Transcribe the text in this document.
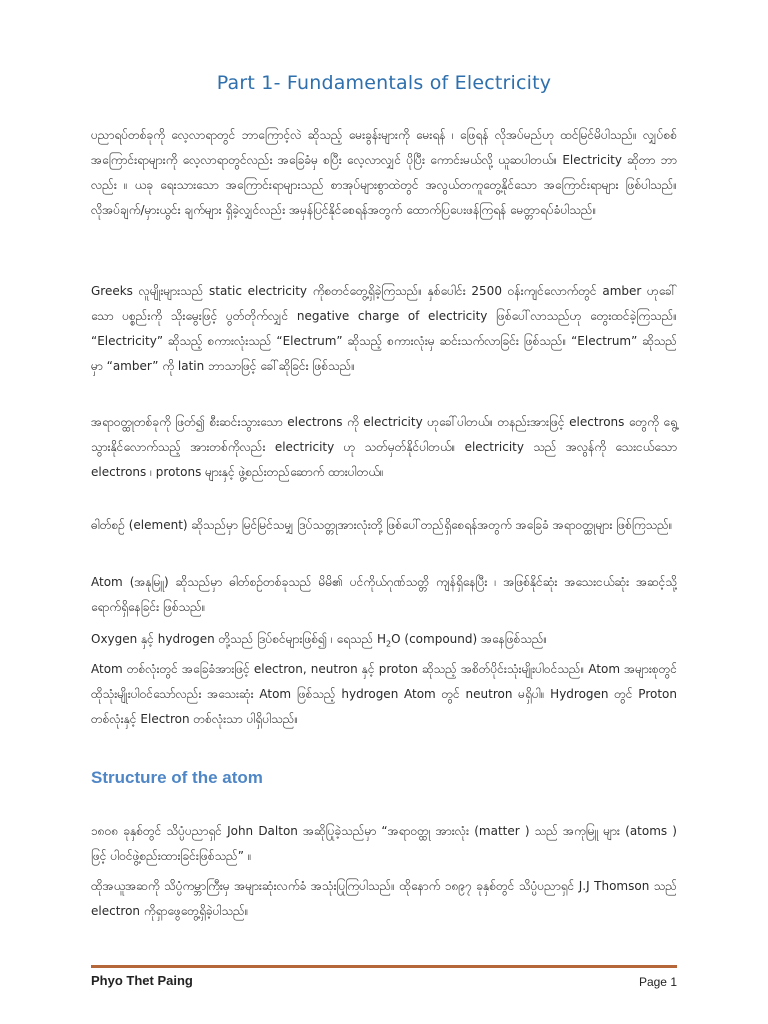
Part 1- Fundamentals of Electricity

ပညာရပ်တစ်ခုကို လေ့လာရာတွင် ဘာကြောင့်လဲ ဆိုသည့် မေးခွန်းများကို မေးရန် ၊ ဖြေရန် လိုအပ်မည်ဟု ထင်မြင်မိပါသည်။ လျှပ်စစ်အကြောင်းရာများကို လေ့လာရာတွင်လည်း အခြေခံမှ စပြီး လေ့လာလျှင် ပိုပြီး ကောင်းမယ်လို့ ယူဆပါတယ်။ Electricity ဆိုတာ ဘာလည်း ။ ယခု ရေးသားသော အကြောင်းရာများသည် စာအုပ်များစွာထဲတွင် အလွယ်တကူတွေ့နိုင်သော အကြောင်းရာများ ဖြစ်ပါသည်။ လိုအပ်ချက်/မှားယွင်း ချက်များ ရှိခဲ့လျှင်လည်း အမှန်ပြင်နိုင်စေရန်အတွက် ထောက်ပြပေးဖန်ကြရန် မေတ္တာရပ်ခံပါသည်။

Greeks လူမျိုးများသည် static electricity ကိုစတင်တွေ့ရှိခဲ့ကြသည်။ နှစ်ပေါင်း 2500 ဝန်းကျင်လောက်တွင် amber ဟုခေါ်သော ပစ္စည်းကို သိုးမွေးဖြင့် ပွတ်တိုက်လျှင် negative charge of electricity ဖြစ်ပေါ်လာသည်ဟု တွေးထင်ခဲ့ကြသည်။ “Electricity” ဆိုသည့် စကားလုံးသည် “Electrum” ဆိုသည့် စကားလုံးမှ ဆင်းသက်လာခြင်း ဖြစ်သည်။ “Electrum” ဆိုသည်မှာ “amber” ကို latin ဘာသာဖြင့် ခေါ်ဆိုခြင်း ဖြစ်သည်။

အရာဝတ္ထုတစ်ခုကို ဖြတ်၍ စီးဆင်းသွားသော electrons ကို electricity ဟုခေါ်ပါတယ်။ တနည်းအားဖြင့် electrons တွေကို ရွေ့သွားနိုင်လောက်သည့် အားတစ်ကိုလည်း electricity ဟု သတ်မှတ်နိုင်ပါတယ်။ electricity သည် အလွန်ကို သေးငယ်သော electrons ၊ protons များနှင့် ဖွဲ့စည်းတည်ဆောက် ထားပါတယ်။

ဓါတ်စဉ် (element) ဆိုသည်မှာ မြင်မြင်သမျှ ဒြပ်သတ္တုအားလုံးတို့ ဖြစ်ပေါ်တည်ရှိစေရန်အတွက် အခြေခံ အရာဝတ္ထုများ ဖြစ်ကြသည်။

Atom (အနုမြူ) ဆိုသည်မှာ ဓါတ်စဉ်တစ်ခုသည် မိမိ၏ ပင်ကိုယ်ဂုဏ်သတ္တိ ကျန်ရှိနေပြီး ၊ အဖြစ်နိုင်ဆုံး အသေးငယ်ဆုံး အဆင့်သို့ ရောက်ရှိနေခြင်း ဖြစ်သည်။

Oxygen နှင့် hydrogen တို့သည် ဒြပ်စင်များဖြစ်၍ ၊ ရေသည် $H_2O$ (compound) အနေဖြစ်သည်။

Atom တစ်လုံးတွင် အခြေခံအားဖြင့် electron, neutron နှင့် proton ဆိုသည့် အစိတ်ပိုင်းသုံးမျိုးပါဝင်သည်။ Atom အများစုတွင် ထိုသုံးမျိုးပါဝင်သော်လည်း အသေးဆုံး Atom ဖြစ်သည့် hydrogen Atom တွင် neutron မရှိပါ။ Hydrogen တွင် Proton တစ်လုံးနှင့် Electron တစ်လုံးသာ ပါရှိပါသည်။

Structure of the atom

၁၈၀၈ ခုနှစ်တွင် သိပ္ပံပညာရှင် John Dalton အဆိုပြုခဲ့သည်မှာ “အရာဝတ္ထု အားလုံး (matter ) သည် အကုမြူ များ (atoms ) ဖြင့် ပါဝင်ဖွဲ့စည်းထားခြင်းဖြစ်သည်” ။

ထိုအယူအဆကို သိပ္ပံကမ္ဘာကြီးမှ အများဆုံးလက်ခံ အသုံးပြုကြပါသည်။ ထိုနောက် ၁၈၉၇ ခုနှစ်တွင် သိပ္ပံပညာရှင် J.J Thomson သည် electron ကိုရှာဖွေတွေ့ရှိခဲ့ပါသည်။

Phyo Thet Paing	Page 1
